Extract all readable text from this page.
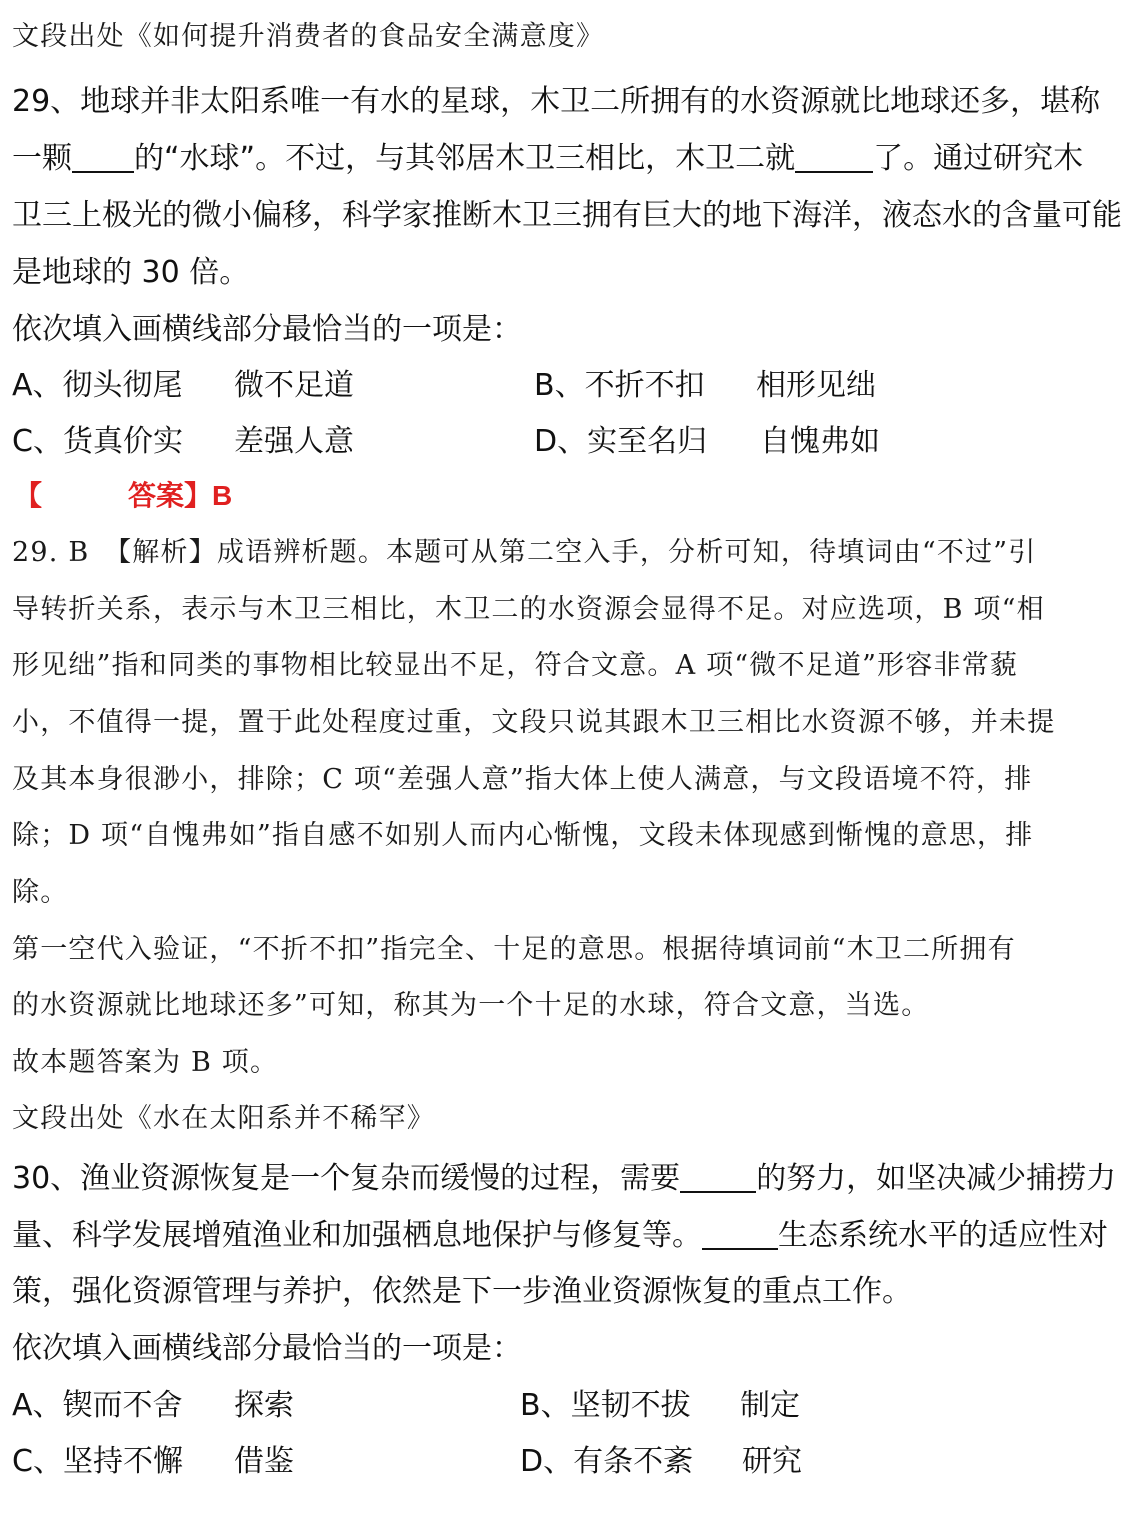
文段出处《如何提升消费者的食品安全满意度》
29、地球并非太阳系唯一有水的星球，木卫二所拥有的水资源就比地球还多，堪称
一颗 的“水球”。不过，与其邻居木卫三相比，木卫二就	了。通过研究木
卫三上极光的微小偏移，科学家推断木卫三拥有巨大的地下海洋，液态水的含量可能
是地球的 30 倍。
依次填入画横线部分最恰当的一项是：
A、彻头彻尾 微不足道	B、不折不扣 相形见绌
C、货真价实 差强人意	D、实至名归 自愧弗如
【	答案】B
29. B　【解析】成语辨析题。本题可从第二空入手，分析可知，待填词由“不过”引
导转折关系，表示与木卫三相比，木卫二的水资源会显得不足。对应选项，B 项“相
形见绌”指和同类的事物相比较显出不足，符合文意。A 项“微不足道”形容非常藐
小，不值得一提，置于此处程度过重，文段只说其跟木卫三相比水资源不够，并未提
及其本身很渺小，排除；C 项“差强人意”指大体上使人满意，与文段语境不符，排
除；D 项“自愧弗如”指自感不如别人而内心惭愧，文段未体现感到惭愧的意思，排
除。
第一空代入验证，“不折不扣”指完全、十足的意思。根据待填词前“木卫二所拥有
的水资源就比地球还多”可知，称其为一个十足的水球，符合文意，当选。
故本题答案为 B 项。
文段出处《水在太阳系并不稀罕》
30、渔业资源恢复是一个复杂而缓慢的过程，需要	的努力，如坚决减少捕捞力
量、科学发展增殖渔业和加强栖息地保护与修复等。	生态系统水平的适应性对
策，强化资源管理与养护，依然是下一步渔业资源恢复的重点工作。
依次填入画横线部分最恰当的一项是：
A、锲而不舍 探索	B、坚韧不拔 制定
C、坚持不懈 借鉴	D、有条不紊 研究
